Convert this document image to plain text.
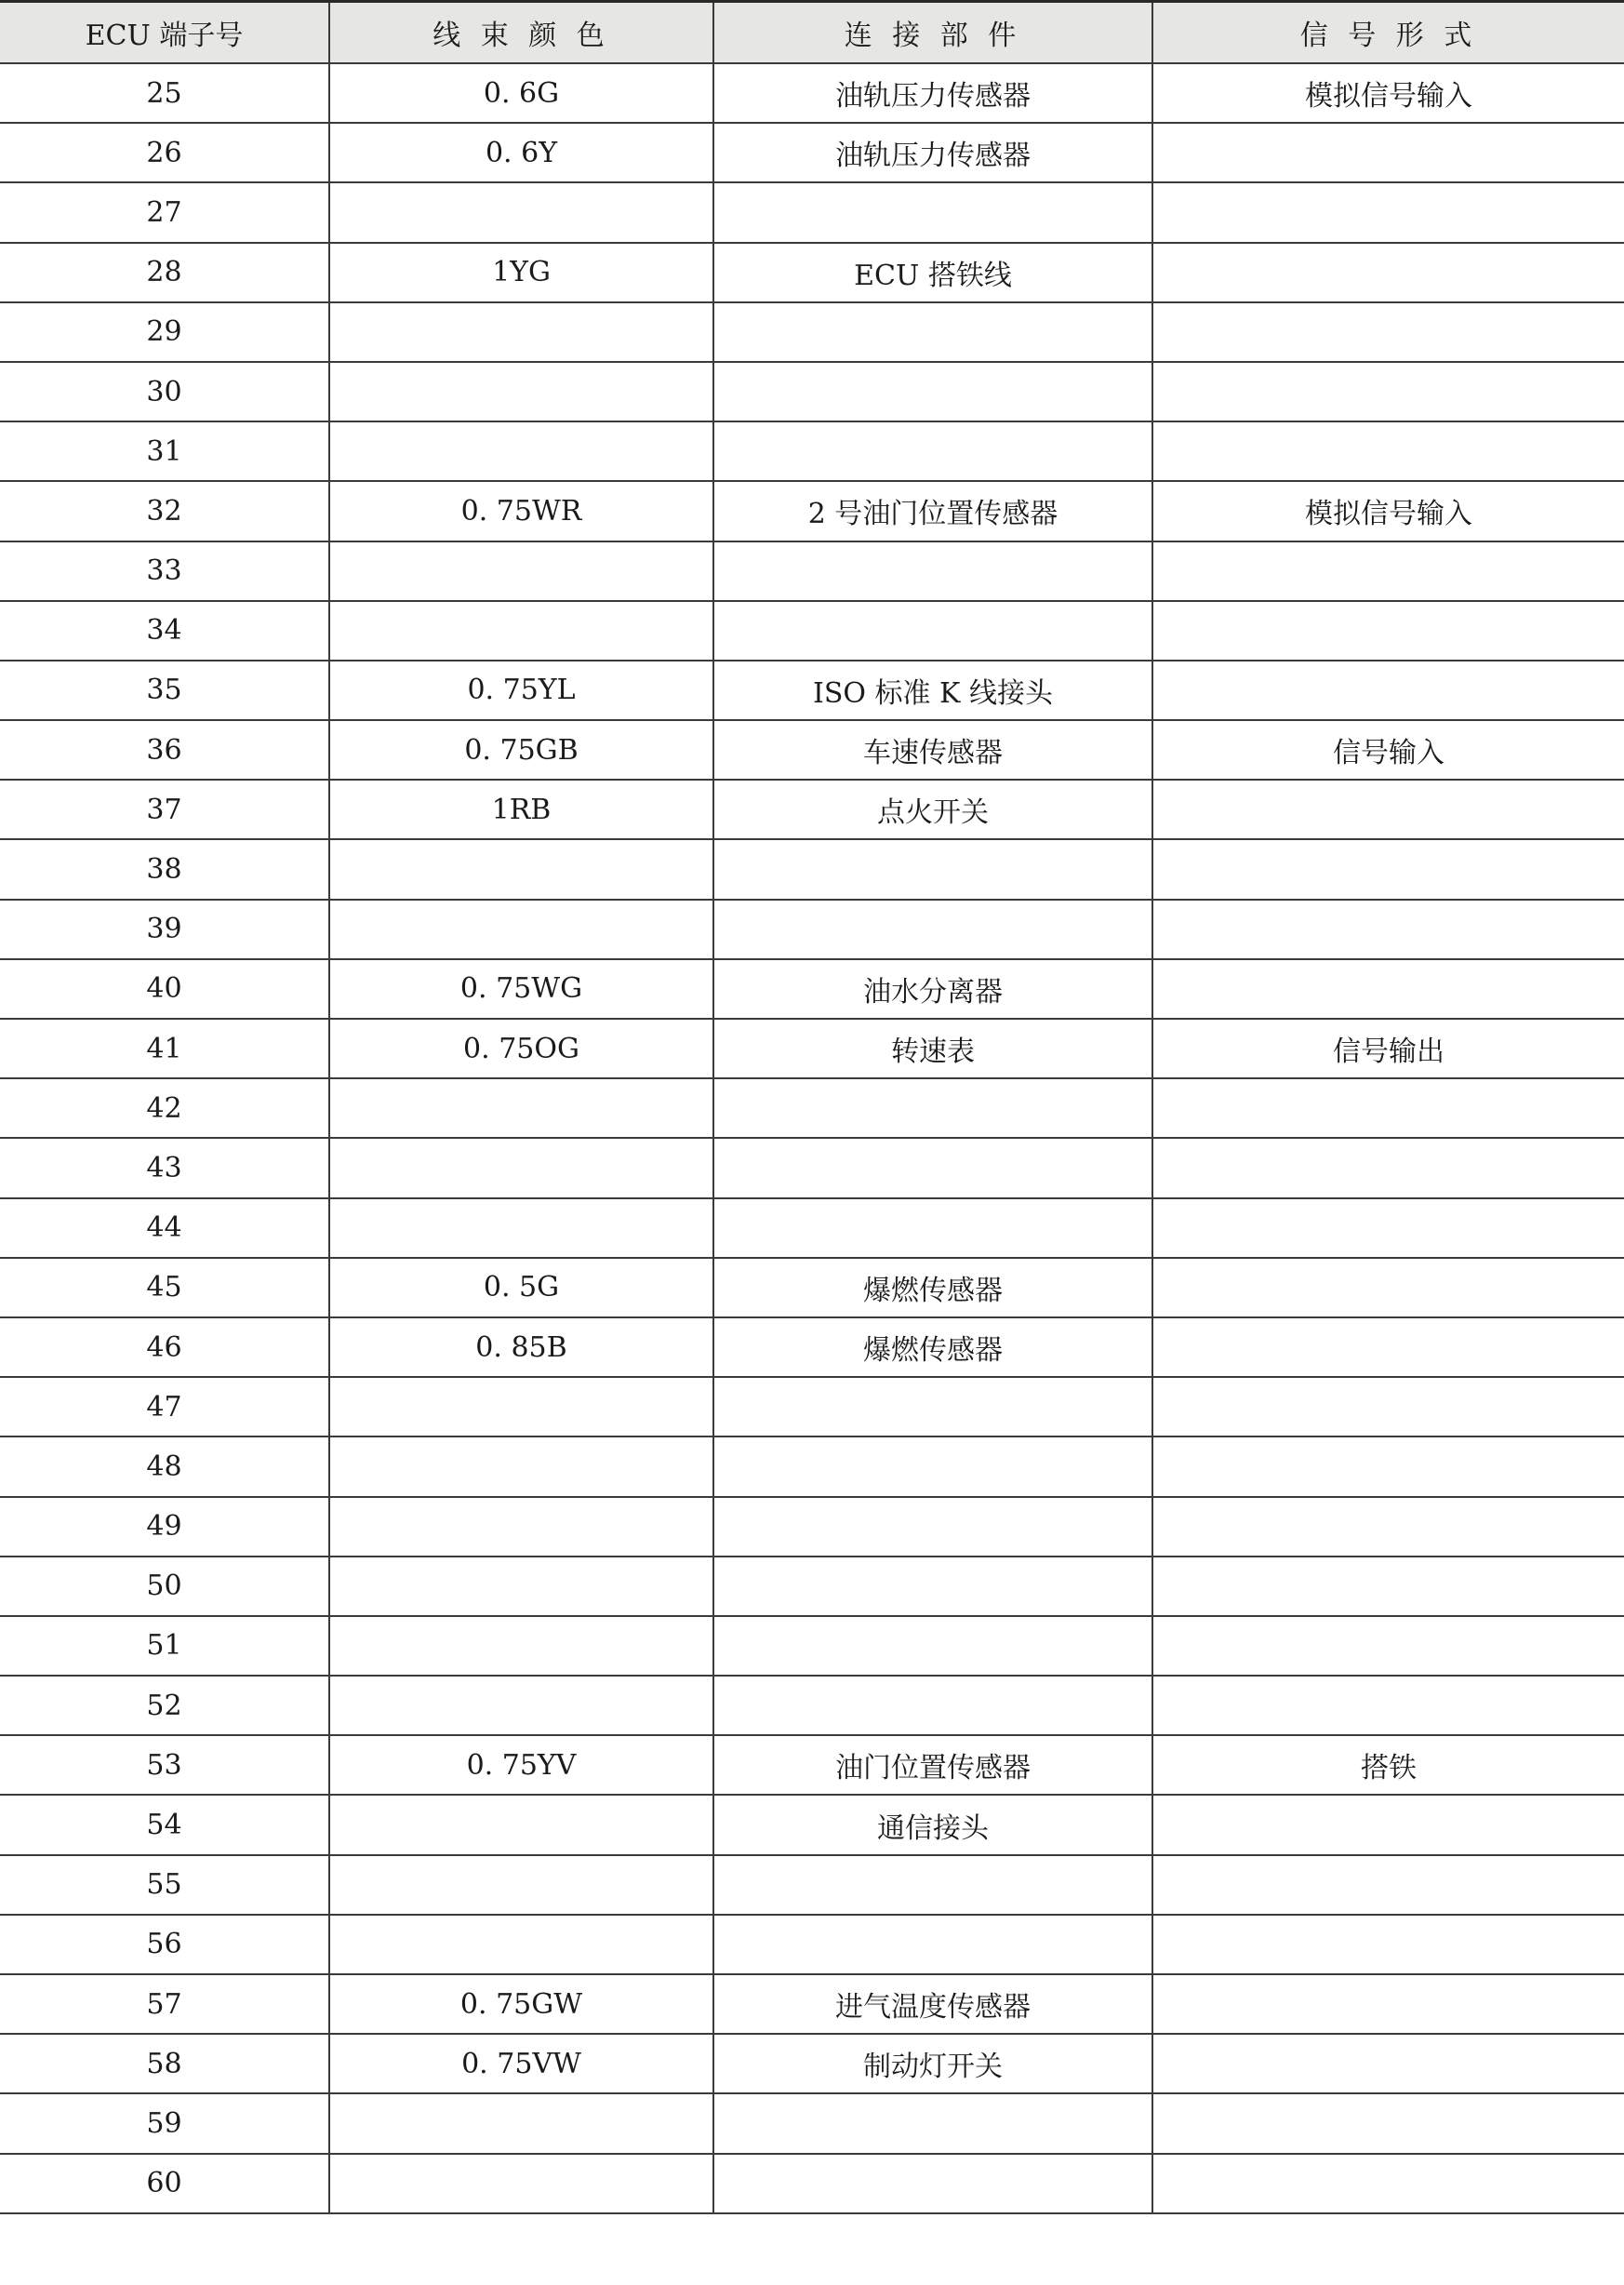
ECU 端子号	线 束 颜 色	连 接 部 件	信 号 形 式
25	0. 6G	油轨压力传感器	模拟信号输入
26	0. 6Y	油轨压力传感器	
27			
28	1YG	ECU 搭铁线	
29			
30			
31			
32	0. 75WR	2 号油门位置传感器	模拟信号输入
33			
34			
35	0. 75YL	ISO 标准 K 线接头	
36	0. 75GB	车速传感器	信号输入
37	1RB	点火开关	
38			
39			
40	0. 75WG	油水分离器	
41	0. 75OG	转速表	信号输出
42			
43			
44			
45	0. 5G	爆燃传感器	
46	0. 85B	爆燃传感器	
47			
48			
49			
50			
51			
52			
53	0. 75YV	油门位置传感器	搭铁
54		通信接头	
55			
56			
57	0. 75GW	进气温度传感器	
58	0. 75VW	制动灯开关	
59			
60			
